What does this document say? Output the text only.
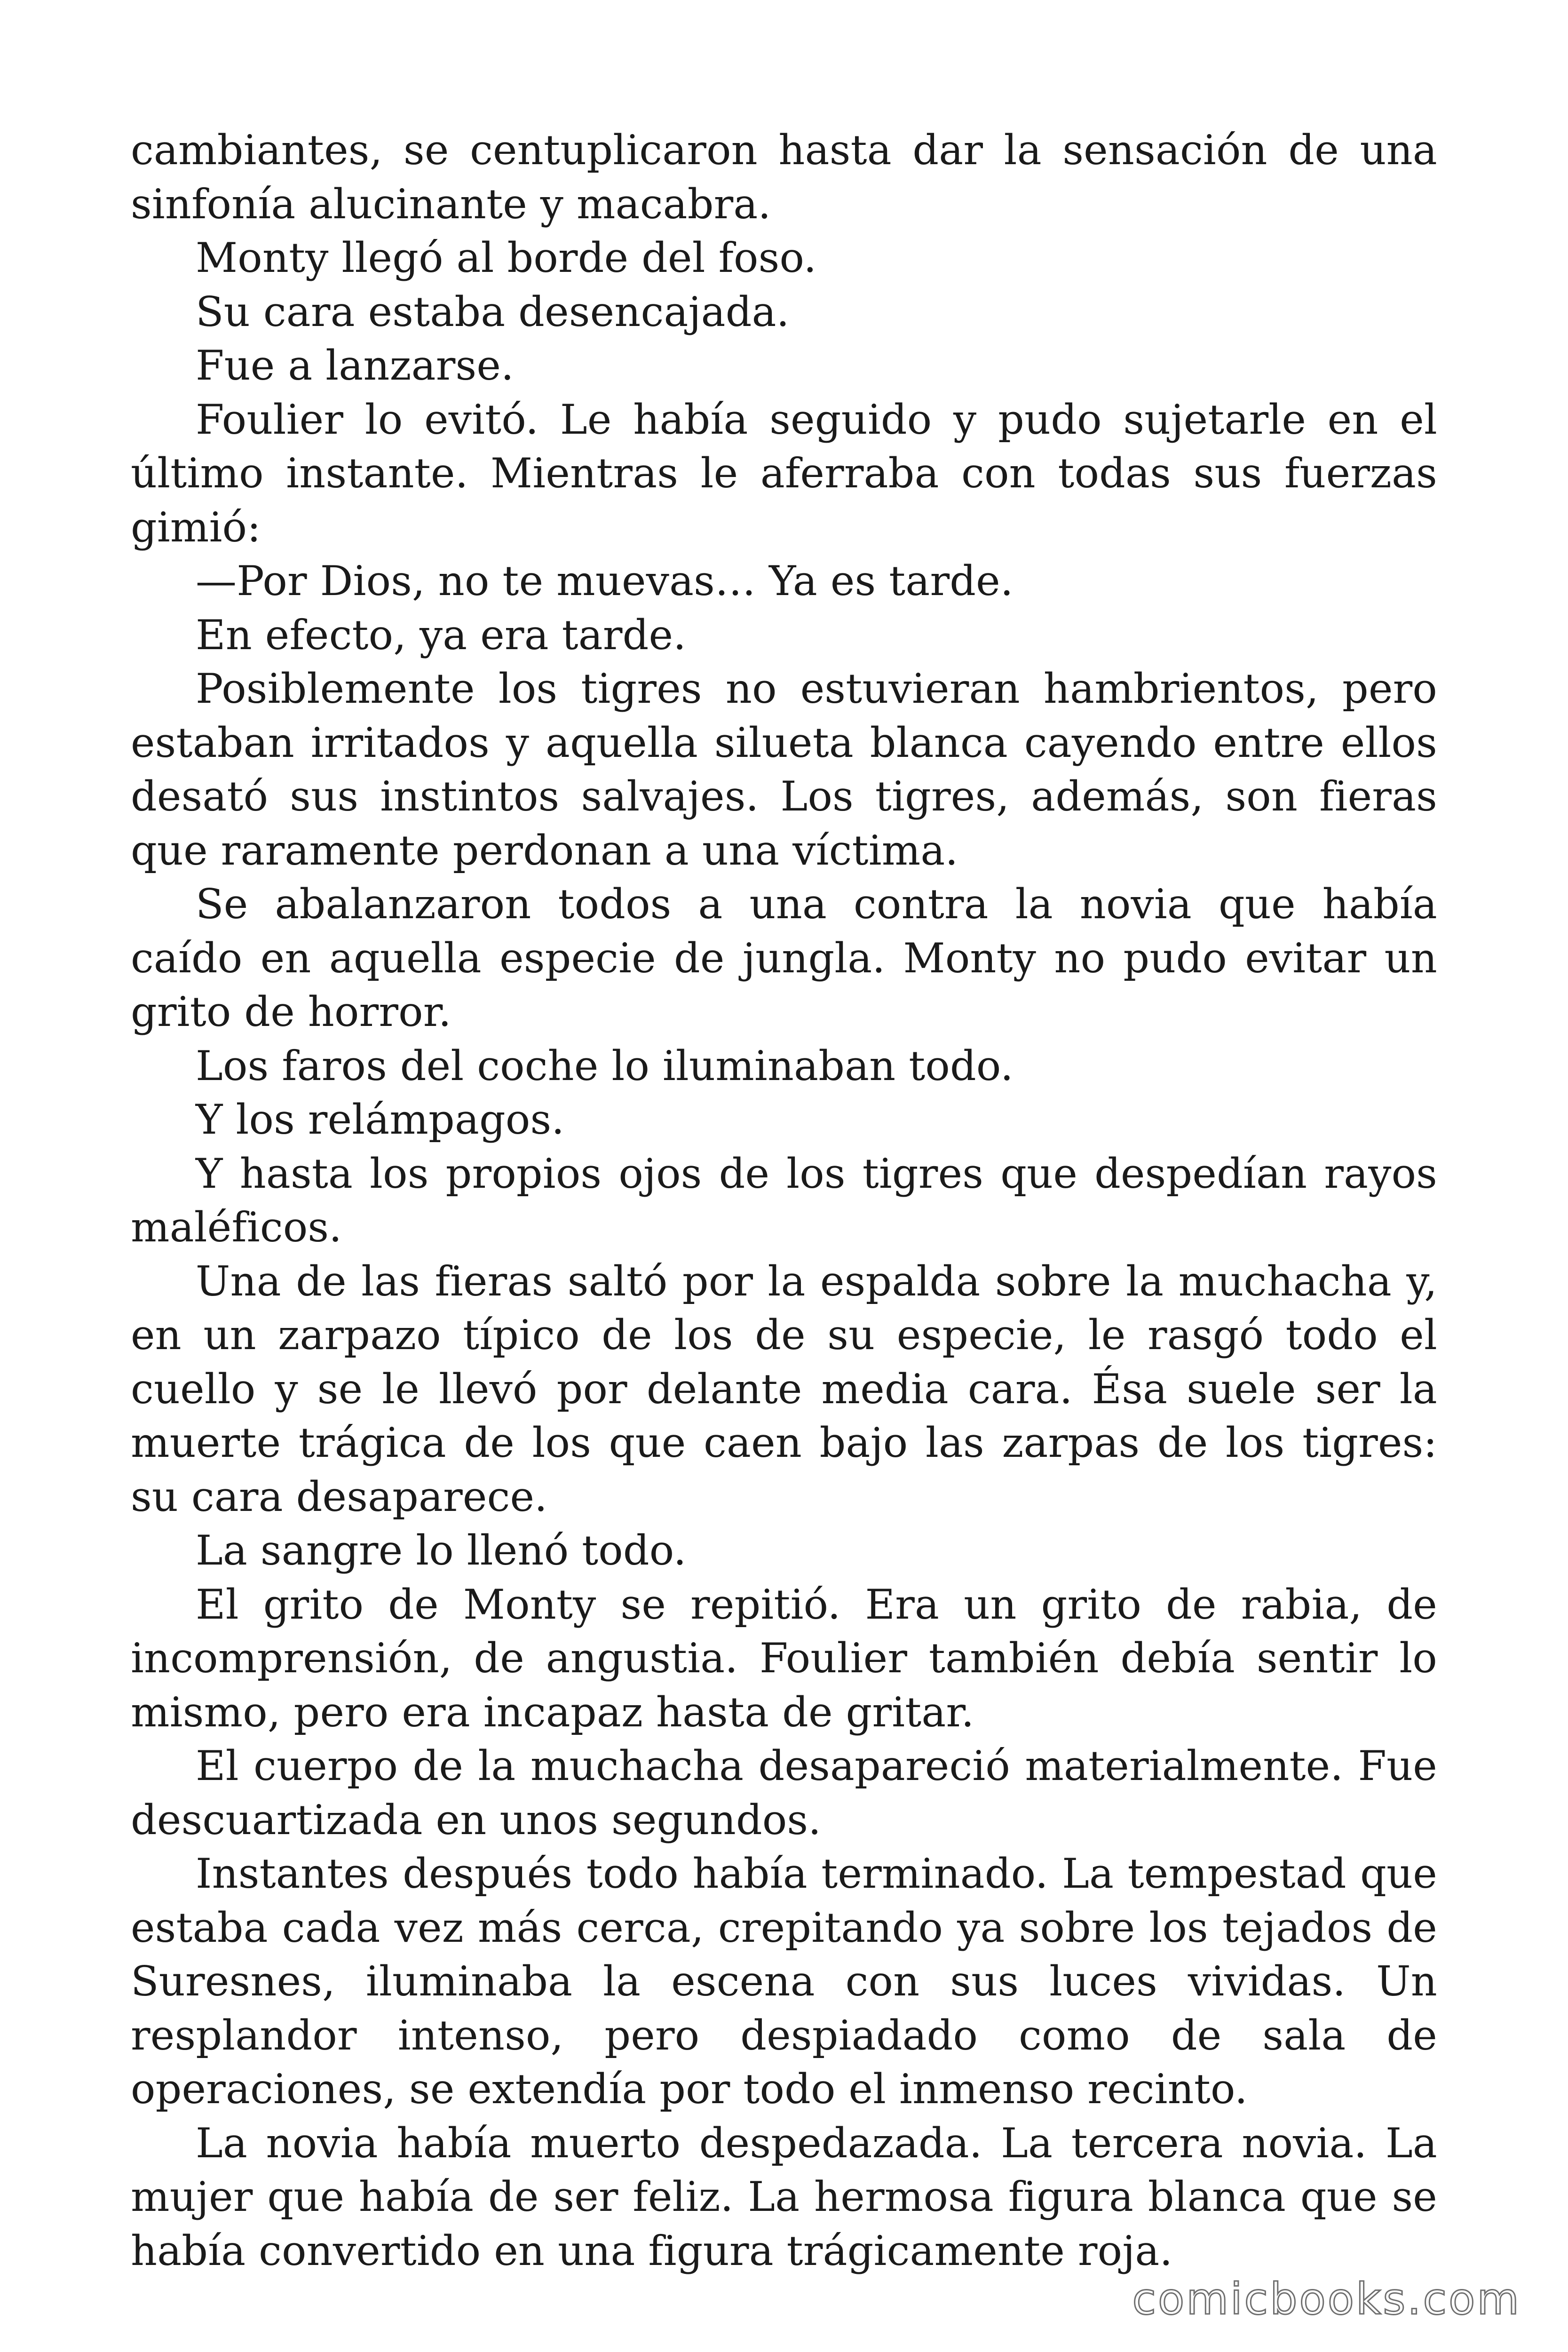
cambiantes, se centuplicaron hasta dar la sensación de una sinfonía alucinante y macabra.

Monty llegó al borde del foso.

Su cara estaba desencajada.

Fue a lanzarse.

Foulier lo evitó. Le había seguido y pudo sujetarle en el último instante. Mientras le aferraba con todas sus fuerzas gimió:

—Por Dios, no te muevas… Ya es tarde.

En efecto, ya era tarde.

Posiblemente los tigres no estuvieran hambrientos, pero estaban irritados y aquella silueta blanca cayendo entre ellos desató sus instintos salvajes. Los tigres, además, son fieras que raramente perdonan a una víctima.

Se abalanzaron todos a una contra la novia que había caído en aquella especie de jungla. Monty no pudo evitar un grito de horror.

Los faros del coche lo iluminaban todo.

Y los relámpagos.

Y hasta los propios ojos de los tigres que despedían rayos maléficos.

Una de las fieras saltó por la espalda sobre la muchacha y, en un zarpazo típico de los de su especie, le rasgó todo el cuello y se le llevó por delante media cara. Ésa suele ser la muerte trágica de los que caen bajo las zarpas de los tigres: su cara desaparece.

La sangre lo llenó todo.

El grito de Monty se repitió. Era un grito de rabia, de incomprensión, de angustia. Foulier también debía sentir lo mismo, pero era incapaz hasta de gritar.

El cuerpo de la muchacha desapareció materialmente. Fue descuartizada en unos segundos.

Instantes después todo había terminado. La tempestad que estaba cada vez más cerca, crepitando ya sobre los tejados de Suresnes, iluminaba la escena con sus luces vividas. Un resplandor intenso, pero despiadado como de sala de operaciones, se extendía por todo el inmenso recinto.

La novia había muerto despedazada. La tercera novia. La mujer que había de ser feliz. La hermosa figura blanca que se había convertido en una figura trágicamente roja.

comicbooks.com
